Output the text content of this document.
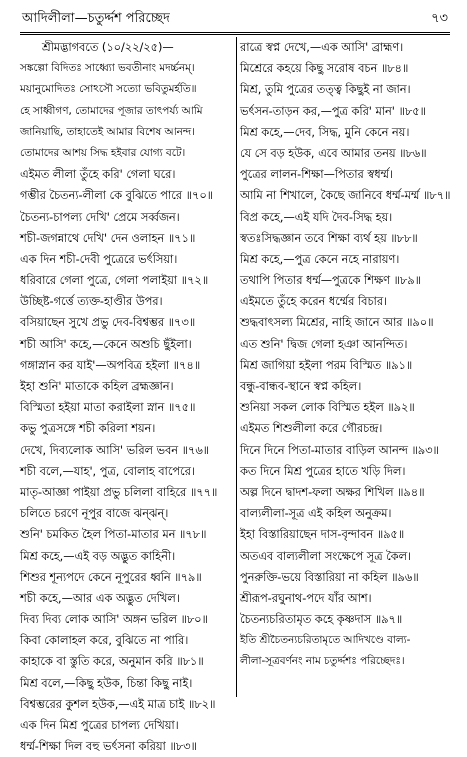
আদিলীলা—চতুর্দ্দশ পরিচ্ছেদ	৭৩
শ্রীমদ্ভাগবতে (১০/২২/২৫)—
সঙ্কল্পো বিদিতঃ সাধ্ব্যো ভবতীনাং মদৰ্চ্চনম্।
ময়ানুমোদিতঃ সোঽসৌ সত্যো ভবিতুমর্হতি॥
হে সাধ্বীগণ, তোমাদের পূজার তাৎপর্য্য আমি
জানিয়াছি, তাহাতেই আমার বিশেষ আনন্দ।
তোমাদের আশয় সিদ্ধ হইবার যোগ্য বটে।
এইমত লীলা তুঁহে করি' গেলা ঘরে।
গম্ভীর চৈতন্য-লীলা কে বুঝিতে পারে ॥৭০॥
চৈতন্য-চাপল্য দেখি' প্রেমে সর্ব্বজন।
শচী-জগন্নাথে দেখি' দেন ওলাহন ॥৭১॥
এক দিন শচী-দেবী পুত্রেরে ভর্ৎসিয়া।
ধরিবারে গেলা পুত্রে, গেলা পলাইয়া ॥৭২॥
উচ্ছিষ্ট-গর্ত্তে ত্যক্ত-হাণ্ডীর উপর।
বসিয়াছেন সুখে প্রভু দেব-বিশ্বম্ভর ॥৭৩॥
শচী আসি' কহে,—কেনে অশুচি ছুঁইলা।
গঙ্গাস্নান কর যাই'—অপবিত্র হইলা ॥৭৪॥
ইহা শুনি' মাতাকে কহিল ব্রহ্মজ্ঞান।
বিস্মিতা হইয়া মাতা করাইলা স্নান ॥৭৫॥
কভু পুত্রসঙ্গে শচী করিলা শয়ন।
দেখে, দিব্যলোক আসি' ভরিল ভবন ॥৭৬॥
শচী বলে,—যাহ', পুত্র, বোলাহ বাপেরে।
মাতৃ-আজ্ঞা পাইয়া প্রভু চলিলা বাহিরে ॥৭৭॥
চলিতে চরণে নূপুর বাজে ঝন্ঝন্।
শুনি' চমকিত হৈল পিতা-মাতার মন ॥৭৮॥
মিশ্র কহে,—এই বড় অদ্ভুত কাহিনী।
শিশুর শূন্যপদে কেনে নূপুরের ধ্বনি ॥৭৯॥
শচী কহে,—আর এক অদ্ভুত দেখিল।
দিব্য দিব্য লোক আসি' অঙ্গন ভরিল ॥৮০॥
কিবা কোলাহল করে, বুঝিতে না পারি।
কাহাকে বা স্তুতি করে, অনুমান করি ॥৮১॥
মিশ্র বলে,—কিছু হউক, চিন্তা কিছু নাই।
বিশ্বম্ভরের কুশল হউক,—এই মাত্র চাই ॥৮২॥
এক দিন মিশ্র পুত্রের চাপল্য দেখিয়া।
ধর্ম্ম-শিক্ষা দিল বহু ভর্ৎসনা করিয়া ॥৮৩॥
রাত্রে স্বপ্ন দেখে,—এক আসি' ব্রাহ্মণ।
মিশ্রেরে কহয়ে কিছু সরোষ বচন ॥৮৪॥
মিশ্র, তুমি পুত্রের তত্ত্ব কিছুই না জান।
ভর্ৎসন-তাড়ন কর,—পুত্র করি' মান' ॥৮৫॥
মিশ্র কহে,—দেব, সিদ্ধ, মুনি কেনে নয়।
যে সে বড় হউক, এবে আমার তনয় ॥৮৬॥
পুত্রের লালন-শিক্ষা—পিতার স্বধর্ম্ম।
আমি না শিখালে, কৈছে জানিবে ধর্ম্ম-মর্ম্ম ॥৮৭॥
বিপ্র কহে,—এই যদি দৈব-সিদ্ধ হয়।
স্বতঃসিদ্ধজ্ঞান তবে শিক্ষা ব্যর্থ হয় ॥৮৮॥
মিশ্র কহে,—পুত্র কেনে নহে নারায়ণ।
তথাপি পিতার ধর্ম্ম—পুত্রকে শিক্ষণ ॥৮৯॥
এইমতে তুঁহে করেন ধর্ম্মের বিচার।
শুদ্ধবাৎসল্য মিশ্রের, নাহি জানে আর ॥৯০॥
এত শুনি' দ্বিজ গেলা হঞা আনন্দিত।
মিশ্র জাগিয়া হইলা পরম বিস্মিত ॥৯১॥
বন্ধু-বান্ধব-স্থানে স্বপ্ন কহিল।
শুনিয়া সকল লোক বিস্মিত হইল ॥৯২॥
এইমত শিশুলীলা করে গৌরচন্দ্র।
দিনে দিনে পিতা-মাতার বাড়িল আনন্দ ॥৯৩॥
কত দিনে মিশ্র পুত্রের হাতে খড়ি দিল।
অল্প দিনে দ্বাদশ-ফলা অক্ষর শিখিল ॥৯৪॥
বাল্যলীলা-সূত্র এই কহিল অনুক্রম।
ইহা বিস্তারিয়াছেন দাস-বৃন্দাবন ॥৯৫॥
অতএব বাল্যলীলা সংক্ষেপে সূত্র কৈল।
পুনরুক্তি-ভয়ে বিস্তারিয়া না কহিল ॥৯৬॥
শ্রীরূপ-রঘুনাথ-পদে যাঁর আশ।
চৈতন্যচরিতামৃত কহে কৃষ্ণদাস ॥৯৭॥
ইতি শ্রীচৈতন্যচরিতামৃতে আদিখণ্ডে বাল্য-
লীলা-সূত্রবর্ণনং নাম চতুর্দ্দশঃ পরিচ্ছেদঃ।
